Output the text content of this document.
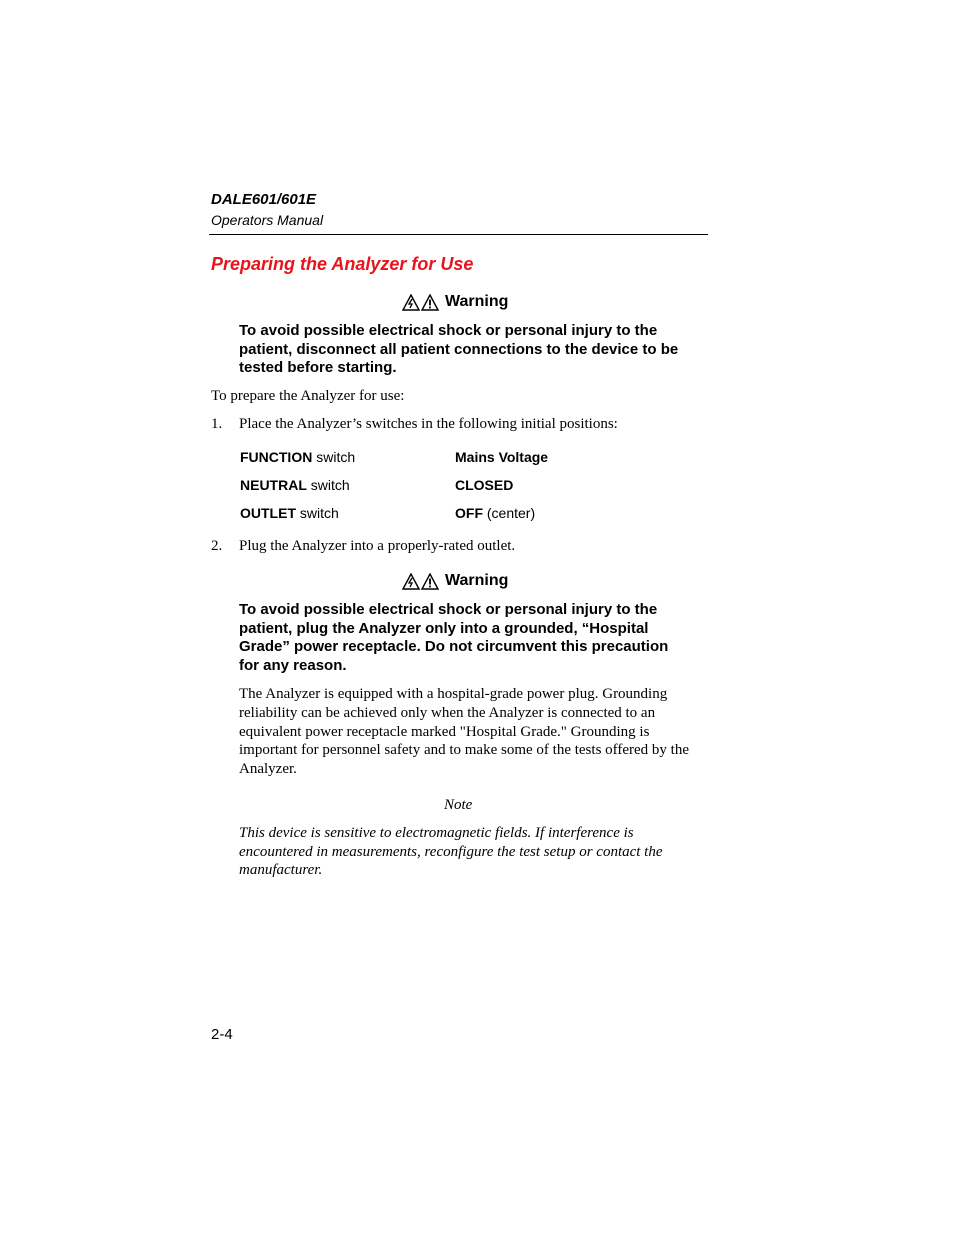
DALE601/601E
Operators Manual
Preparing the Analyzer for Use
Warning
To avoid possible electrical shock or personal injury to the patient, disconnect all patient connections to the device to be tested before starting.
To prepare the Analyzer for use:
1. Place the Analyzer’s switches in the following initial positions:
FUNCTION switch	Mains Voltage
NEUTRAL switch	CLOSED
OUTLET switch	OFF (center)
2. Plug the Analyzer into a properly-rated outlet.
Warning
To avoid possible electrical shock or personal injury to the patient, plug the Analyzer only into a grounded, “Hospital Grade” power receptacle. Do not circumvent this precaution for any reason.
The Analyzer is equipped with a hospital-grade power plug. Grounding reliability can be achieved only when the Analyzer is connected to an equivalent power receptacle marked "Hospital Grade." Grounding is important for personnel safety and to make some of the tests offered by the Analyzer.
Note
This device is sensitive to electromagnetic fields. If interference is encountered in measurements, reconfigure the test setup or contact the manufacturer.
2-4
